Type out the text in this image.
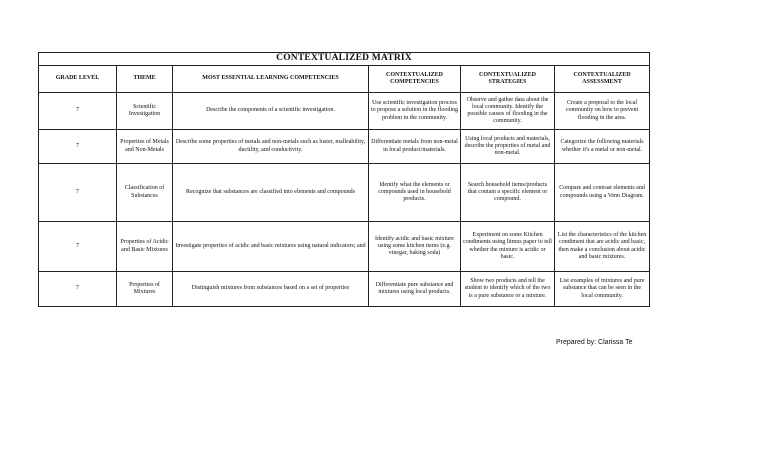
CONTEXTUALIZED MATRIX					
GRADE LEVEL	THEME	MOST ESSENTIAL LEARNING COMPETENCIES	CONTEXTUALIZED COMPETENCIES	CONTEXTUALIZED STRATEGIES	CONTEXTUALIZED ASSESSMENT
7	Scientific Investigation	Describe the components of a scientific investigation.	Use scientific investigation process to propose a solution in the flooding problem in the community.	Observe and gather data about the local community. Identify the possible causes of flooding in the community.	Create a proposal to the local community on how to prevent flooding in the area.
7	Properties of Metals and Non-Metals	Describe some properties of metals and non-metals such as luster, malleability, ductility, and conductivity.	Differentiate metals from non-metal in local product/materials.	Using local products and materials, describe the properties of metal and non-metal.	Categorize the following materials whether it's a metal or non-metal.
7	Classification of Substances	Recognize that substances are classified into elements and compounds	Identify what the elements or compounds used in household products.	Search household items/products that contain a specific element or compound.	Compare and contrast elements and compounds using a Venn Diagram.
7	Properties of Acidic and Basic Mixtures	Investigate properties of acidic and basic mixtures using natural indicators; and	Identify acidic and basic mixture using some kitchen items (e.g. vinegar, baking soda)	Experiment on some Kitchen condiments using litmus paper to tell whether the mixture is acidic or basic.	List the characteristics of the kitchen condiment that are acidic and basic, then make a conclusion about acidic and basic mixtures.
7	Properties of Mixtures	Distinguish mixtures from substances based on a set of properties	Differentiate pure substance and mixtures using local products.	Show two products and tell the student to identify which of the two is a pure substance or a mixture.	List examples of mixtures and pure substance that can be seen in the local community.
Prepared by: Clarissa Te
